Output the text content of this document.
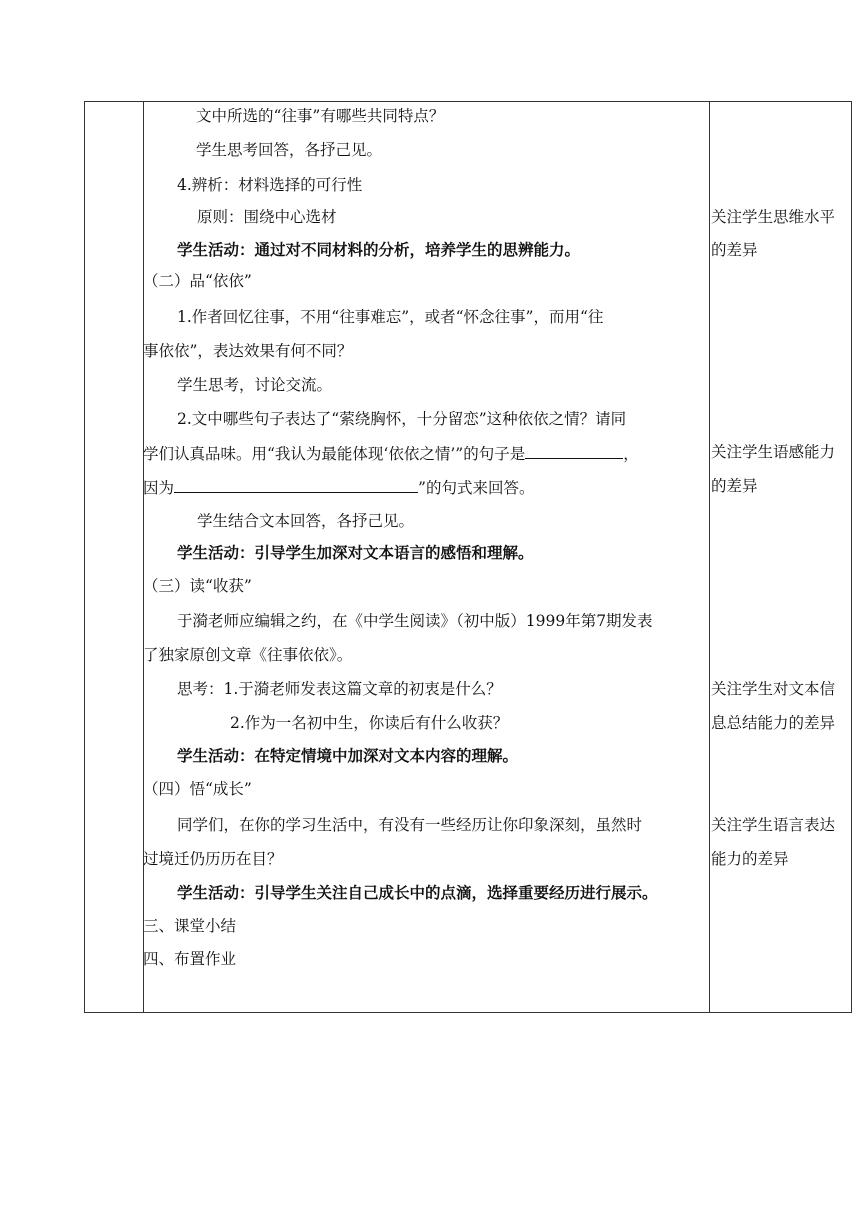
文中所选的“往事”有哪些共同特点？
学生思考回答，各抒己见。
4.辨析：材料选择的可行性
原则：围绕中心选材
学生活动：通过对不同材料的分析，培养学生的思辨能力。
（二）品“依依”
1.作者回忆往事，不用“往事难忘”，或者“怀念往事”，而用“往
事依依”，表达效果有何不同？
学生思考，讨论交流。
2.文中哪些句子表达了“萦绕胸怀，十分留恋”这种依依之情？请同
学们认真品味。用“我认为最能体现‘依依之情’”的句子是	，
因为	”的句式来回答。
学生结合文本回答，各抒己见。
学生活动：引导学生加深对文本语言的感悟和理解。
（三）读“收获”
于漪老师应编辑之约，在《中学生阅读》（初中版）1999年第7期发表
了独家原创文章《往事依依》。
思考：1.于漪老师发表这篇文章的初衷是什么？
2.作为一名初中生，你读后有什么收获？
学生活动：在特定情境中加深对文本内容的理解。
（四）悟“成长”
同学们，在你的学习生活中，有没有一些经历让你印象深刻，虽然时
过境迁仍历历在目？
学生活动：引导学生关注自己成长中的点滴，选择重要经历进行展示。
三、课堂小结
四、布置作业
关注学生思维水平
的差异
关注学生语感能力
的差异
关注学生对文本信
息总结能力的差异
关注学生语言表达
能力的差异
